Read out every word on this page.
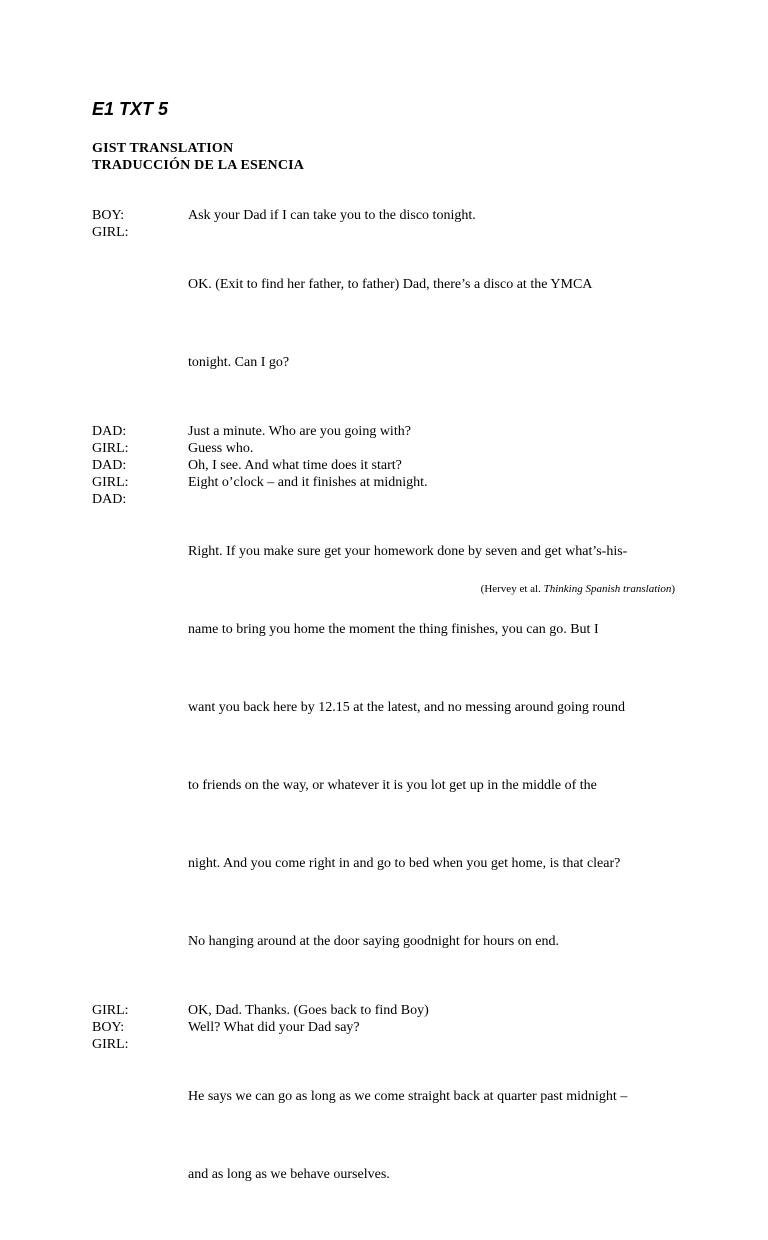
E1 TXT 5
GIST TRANSLATION
TRADUCCIÓN DE LA ESENCIA
BOY:	Ask your Dad if I can take you to the disco tonight.
GIRL:

OK. (Exit to find her father, to father) Dad, there’s a disco at the YMCA

tonight. Can I go?

DAD:	Just a minute. Who are you going with?
GIRL:	Guess who.
DAD:	Oh, I see. And what time does it start?
GIRL:	Eight o’clock – and it finishes at midnight.
DAD:

Right. If you make sure get your homework done by seven and get what’s-his-

name to bring you home the moment the thing finishes, you can go. But I

want you back here by 12.15 at the latest, and no messing around going round

to friends on the way, or whatever it is you lot get up in the middle of the

night. And you come right in and go to bed when you get home, is that clear?

No hanging around at the door saying goodnight for hours on end.

GIRL:	OK, Dad. Thanks. (Goes back to find Boy)
BOY:	Well? What did your Dad say?
GIRL:

He says we can go as long as we come straight back at quarter past midnight –

and as long as we behave ourselves.

(Hervey et al. Thinking Spanish translation)
